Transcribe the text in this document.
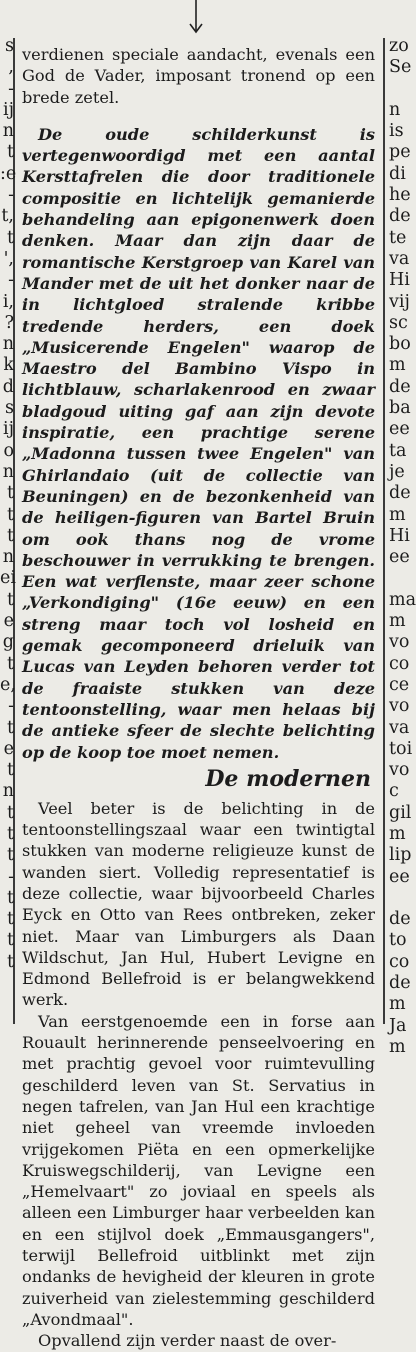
s
,
-
ij
n
t
:e
-
t,
t
',
-
i,
?
n
k
d
s
ij
o
n
t
t
t
n
ei
t
e
g
t
e,
-
t
e
t
n
t
t
t
-
t
t
t
t
zo
Se

n
is
pe
di
he
de
te
va
Hi
vij
sc
bo
m
de
ba
ee
ta
je
de
m
Hi
ee

ma
m
vo
co
ce
vo
va
toi
vo
c
gil
m
lip
ee

de
to
co
de
m
Ja
m

verdienen speciale aandacht, evenals een God de Vader, imposant tronend op een brede zetel.

De oude schilderkunst is vertegenwoordigd met een aantal Kersttafrelen die door traditionele compositie en lichtelijk gemanierde behandeling aan epigonenwerk doen denken. Maar dan zijn daar de romantische Kerstgroep van Karel van Mander met de uit het donker naar de in lichtgloed stralende kribbe tredende herders, een doek „Musicerende Engelen" waarop de Maestro del Bambino Vispo in lichtblauw, scharlakenrood en zwaar bladgoud uiting gaf aan zijn devote inspiratie, een prachtige serene „Madonna tussen twee Engelen" van Ghirlandaio (uit de collectie van Beuningen) en de bezonkenheid van de heiligen-figuren van Bartel Bruin om ook thans nog de vrome beschouwer in verrukking te brengen. Een wat verflenste, maar zeer schone „Verkondiging" (16e eeuw) en een streng maar toch vol losheid en gemak gecomponeerd drieluik van Lucas van Leyden behoren verder tot de fraaiste stukken van deze tentoonstelling, waar men helaas bij de antieke sfeer de slechte belichting op de koop toe moet nemen.

De modernen

Veel beter is de belichting in de tentoonstellingszaal waar een twintigtal stukken van moderne religieuze kunst de wanden siert. Volledig representatief is deze collectie, waar bijvoorbeeld Charles Eyck en Otto van Rees ontbreken, zeker niet. Maar van Limburgers als Daan Wildschut, Jan Hul, Hubert Levigne en Edmond Bellefroid is er belangwekkend werk.

Van eerstgenoemde een in forse aan Rouault herinnerende penseelvoering en met prachtig gevoel voor ruimtevulling geschilderd leven van St. Servatius in negen tafrelen, van Jan Hul een krachtige niet geheel van vreemde invloeden vrijgekomen Piëta en een opmerkelijke Kruiswegschilderij, van Levigne een „Hemelvaart" zo joviaal en speels als alleen een Limburger haar verbeelden kan en een stijlvol doek „Emmausgangers", terwijl Bellefroid uitblinkt met zijn ondanks de hevigheid der kleuren in grote zuiverheid van zielestemming geschilderd „Avondmaal".

Opvallend zijn verder naast de over-
